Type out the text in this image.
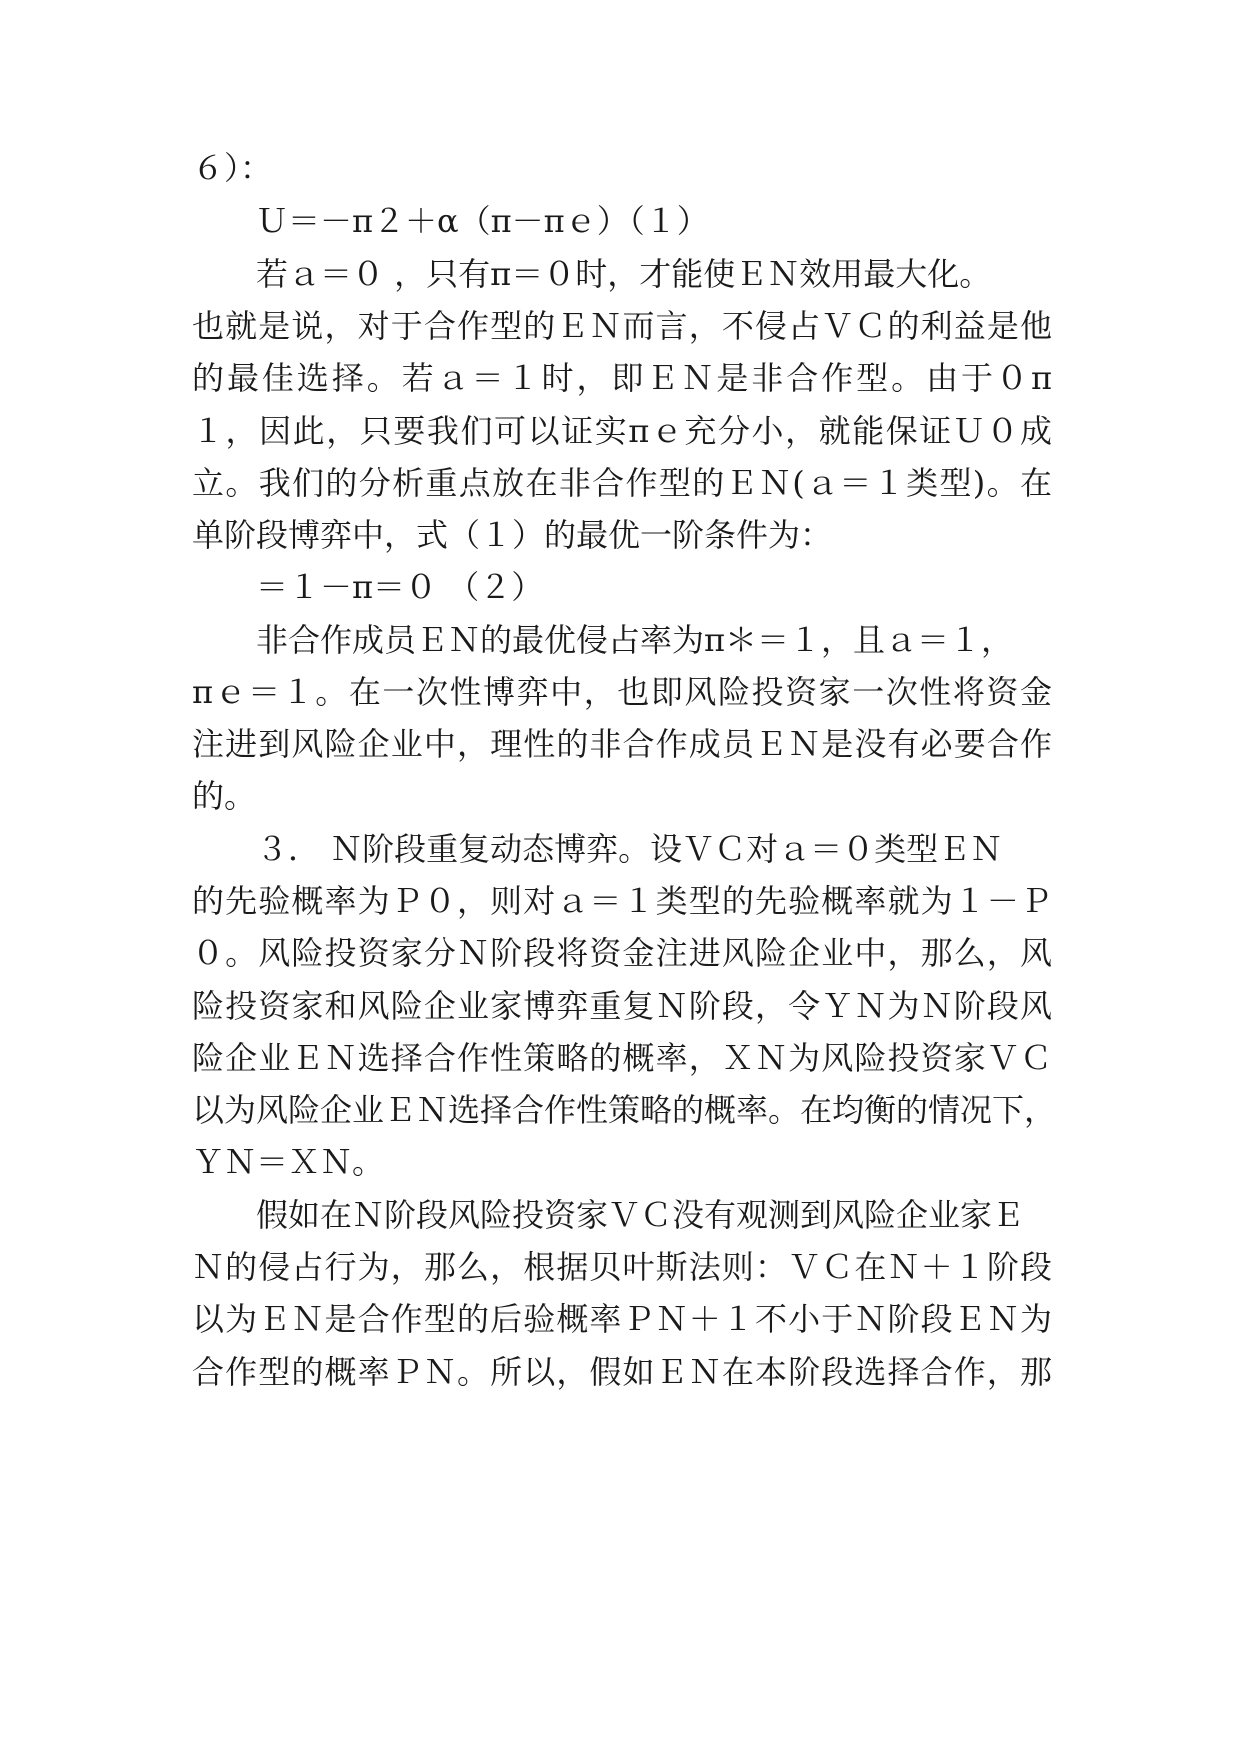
６）：
Ｕ＝－π２＋α（π－πｅ）（１）
若ａ＝０ ，只有π＝０时，才能使ＥＮ效用最大化。
也就是说，对于合作型的ＥＮ而言，不侵占ＶＣ的利益是他
的最佳选择。若ａ＝１时，即ＥＮ是非合作型。由于０π
１，因此，只要我们可以证实πｅ充分小，就能保证Ｕ０成
立。我们的分析重点放在非合作型的ＥＮ(ａ＝１类型)。在
单阶段博弈中，式（１）的最优一阶条件为：
＝１－π＝０ （２）
非合作成员ＥＮ的最优侵占率为π＊＝１，且ａ＝１，
πｅ＝１。在一次性博弈中，也即风险投资家一次性将资金
注进到风险企业中，理性的非合作成员ＥＮ是没有必要合作
的。
３． Ｎ阶段重复动态博弈。设ＶＣ对ａ＝０类型ＥＮ
的先验概率为Ｐ０，则对ａ＝１类型的先验概率就为１－Ｐ
０。风险投资家分Ｎ阶段将资金注进风险企业中，那么，风
险投资家和风险企业家博弈重复Ｎ阶段，令ＹＮ为Ｎ阶段风
险企业ＥＮ选择合作性策略的概率，ＸＮ为风险投资家ＶＣ
以为风险企业ＥＮ选择合作性策略的概率。在均衡的情况下，
ＹＮ＝ＸＮ。
假如在Ｎ阶段风险投资家ＶＣ没有观测到风险企业家Ｅ
Ｎ的侵占行为，那么，根据贝叶斯法则：ＶＣ在Ｎ＋１阶段
以为ＥＮ是合作型的后验概率ＰＮ＋１不小于Ｎ阶段ＥＮ为
合作型的概率ＰＮ。所以，假如ＥＮ在本阶段选择合作，那
